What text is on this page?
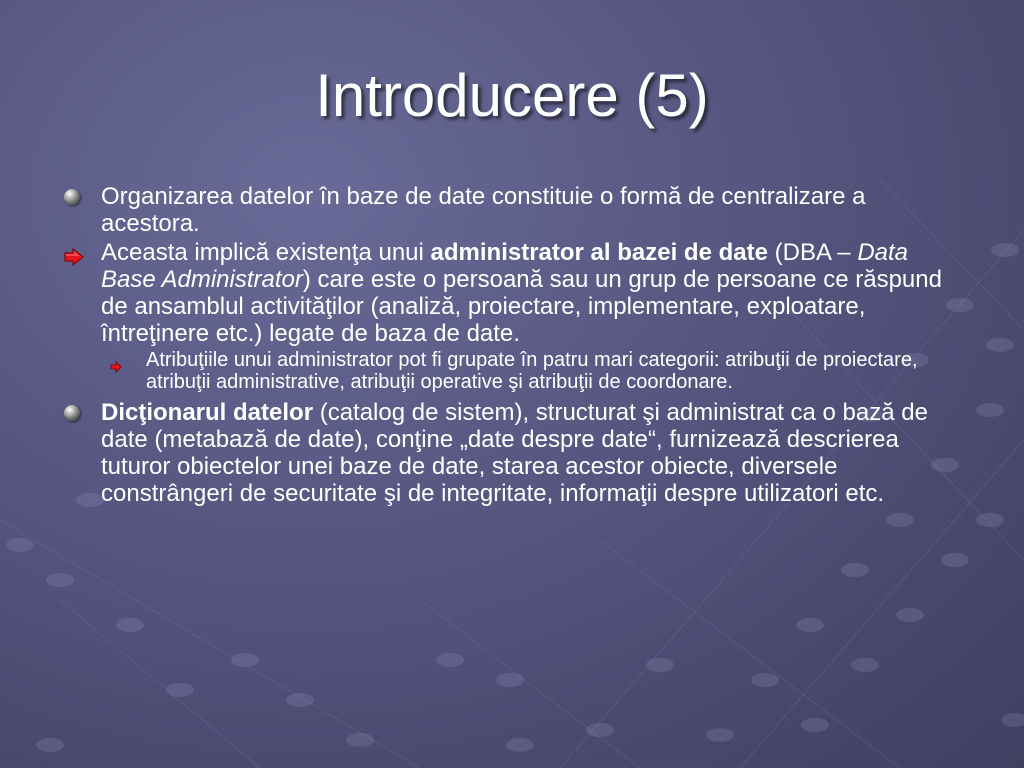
Introducere (5)
Organizarea datelor în baze de date constituie o formă de centralizare a acestora.
Aceasta implică existenţa unui administrator al bazei de date (DBA – Data Base Administrator) care este o persoană sau un grup de persoane ce răspund de ansamblul activităţilor (analiză, proiectare, implementare, exploatare, întreţinere etc.) legate de baza de date.
Atribuţiile unui administrator pot fi grupate în patru mari categorii: atribuţii de proiectare, atribuţii administrative, atribuţii operative şi atribuţii de coordonare.
Dicţionarul datelor (catalog de sistem), structurat şi administrat ca o bază de date (metabază de date), conţine „date despre date“, furnizează descrierea tuturor obiectelor unei baze de date, starea acestor obiecte, diversele constrângeri de securitate şi de integritate, informaţii despre utilizatori etc.
